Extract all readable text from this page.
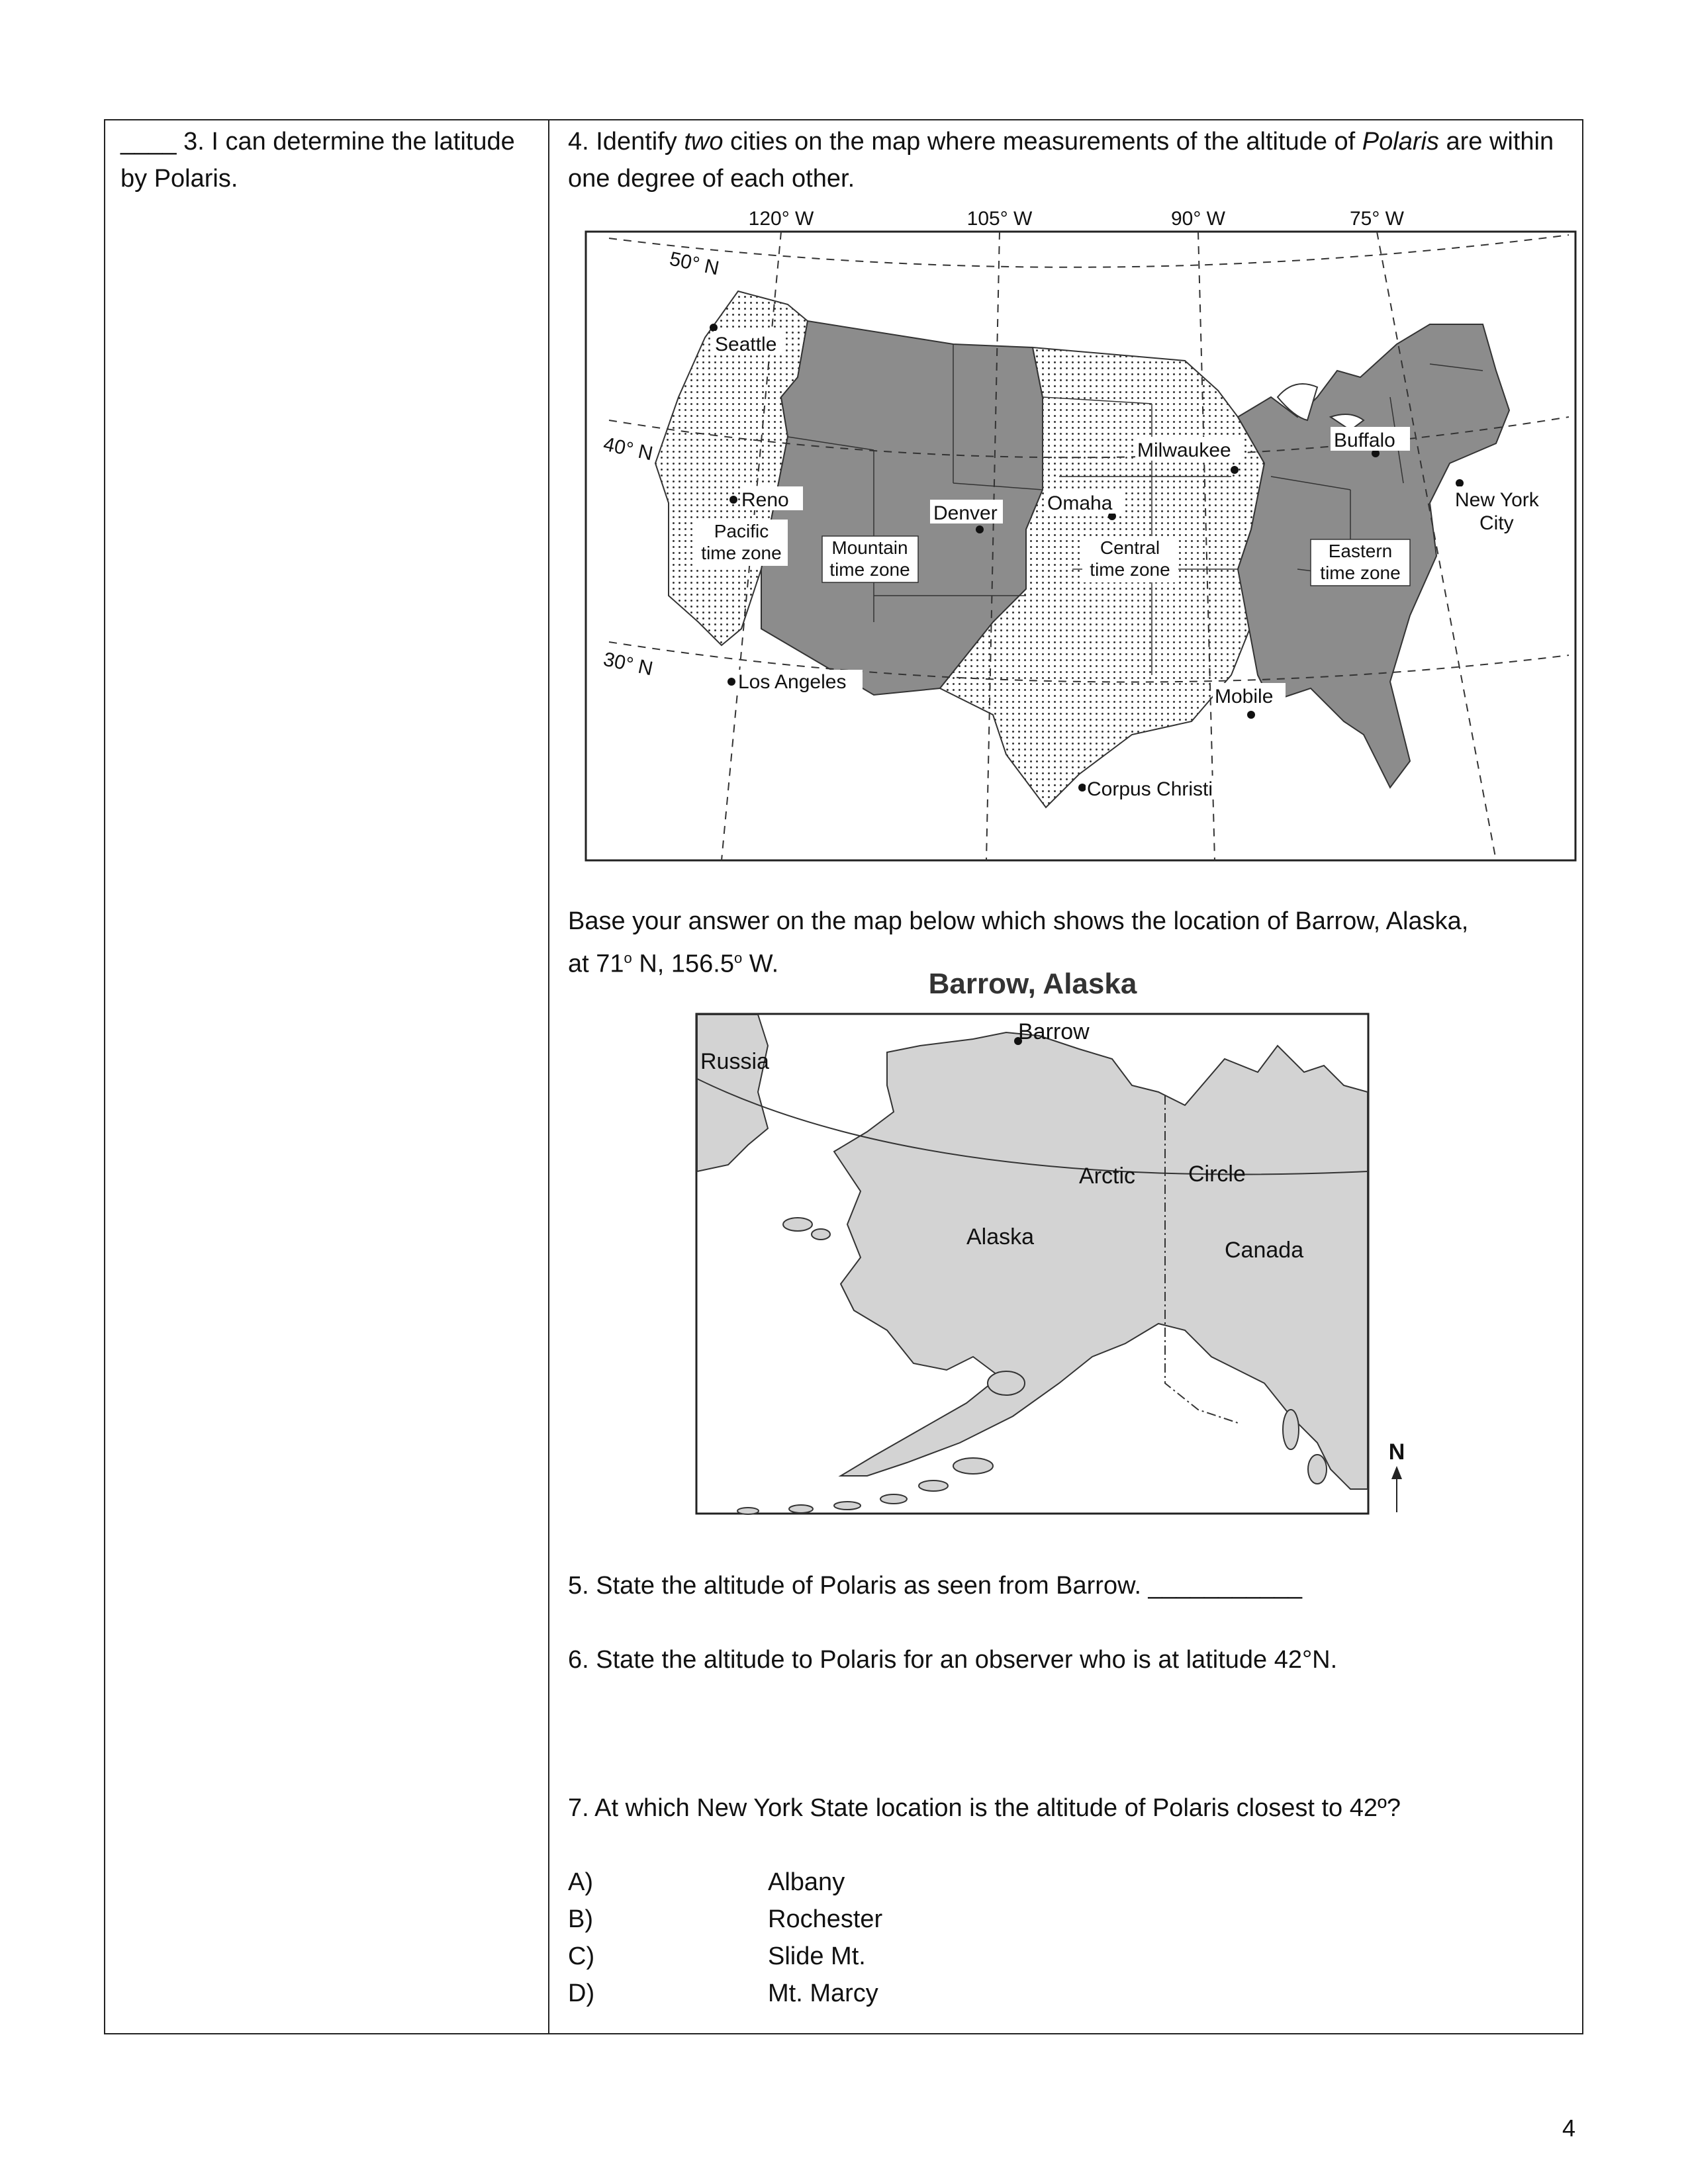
____ 3. I can determine the latitude by Polaris.
4. Identify two cities on the map where measurements of the altitude of Polaris are within one degree of each other.
120° W	105° W	90° W	75° W
50° N
40° N
30° N
Seattle
Reno
Los Angeles
Denver	Omaha
Milwaukee	Buffalo
New York
City
Mobile
Corpus Christi
Pacific
time zone	Mountain
time zone
Central
time zone
Eastern
time zone
Base your answer on the map below which shows the location of Barrow, Alaska,
at 71$^o$ N, 156.5$^o$ W.
Barrow, Alaska
Barrow
Russia
Arctic Circle
Alaska
Canada
N
5. State the altitude of Polaris as seen from Barrow. ___________
6. State the altitude to Polaris for an observer who is at latitude 42°N.
7. At which New York State location is the altitude of Polaris closest to 42º?
A)	Albany
B)	Rochester
C)	Slide Mt.
D)	Mt. Marcy
4
